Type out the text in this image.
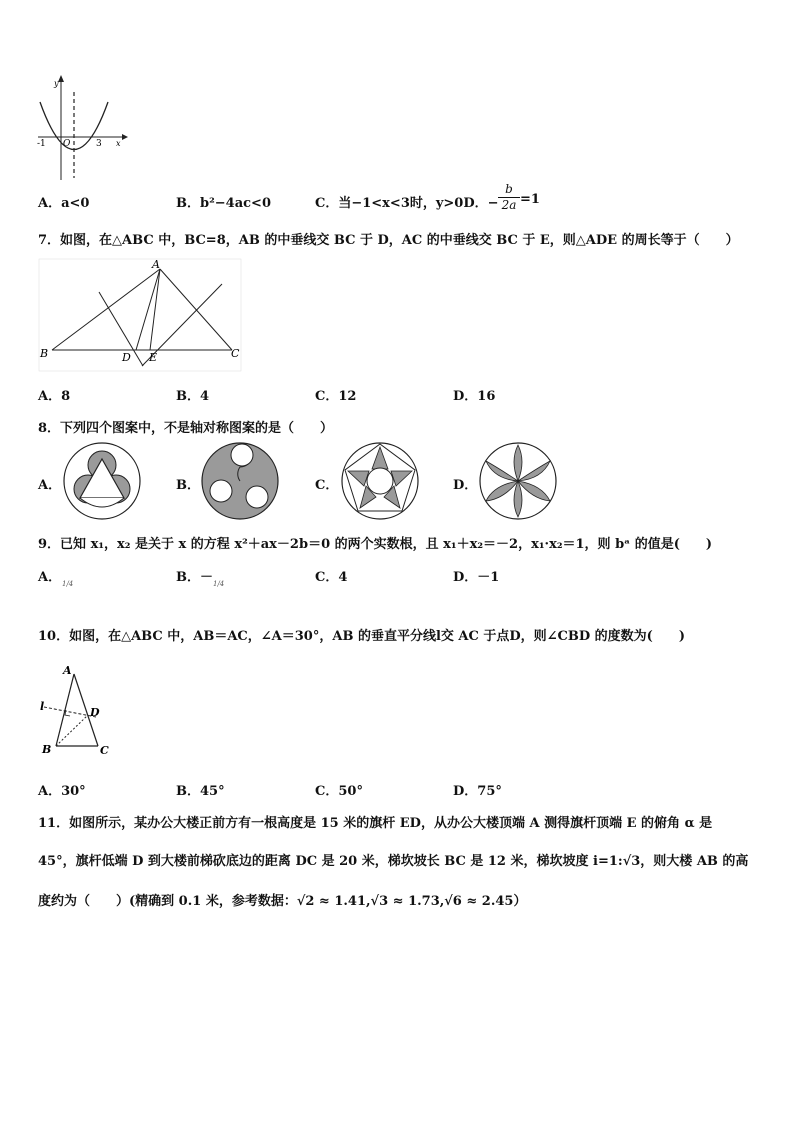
y
x
-1 O	3
A．a<0	B．b²−4ac<0	C．当−1<x<3时，y>0D．− $\frac{b}{2a} =1$
7．如图，在△ABC 中，BC=8，AB 的中垂线交 BC 于 D，AC 的中垂线交 BC 于 E，则△ADE 的周长等于（　　）
A
B	C
D E
A．8	B．4	C．12	D．16
8．下列四个图案中，不是轴对称图案的是（　　）
A．	B．	C．	D．
9．已知 x₁，x₂ 是关于 x 的方程 x²＋ax－2b＝0 的两个实数根，且 x₁＋x₂＝－2，x₁·x₂＝1，则 bᵃ 的值是(　　)
A． 1/4	B．－ 1/4	C．4	D．－1
10．如图，在△ABC 中，AB＝AC，∠A＝30°，AB 的垂直平分线l交 AC 于点D，则∠CBD 的度数为(　　)
A
l	D
B	C
A．30°	B．45°	C．50°	D．75°
11．如图所示，某办公大楼正前方有一根高度是 15 米的旗杆 ED，从办公大楼顶端 A 测得旗杆顶端 E 的俯角 α 是
45°，旗杆低端 D 到大楼前梯砍底边的距离 DC 是 20 米，梯坎坡长 BC 是 12 米，梯坎坡度 i=1:√3，则大楼 AB 的高
度约为（　　）(精确到 0.1 米，参考数据：√2 ≈ 1.41,√3 ≈ 1.73,√6 ≈ 2.45）
